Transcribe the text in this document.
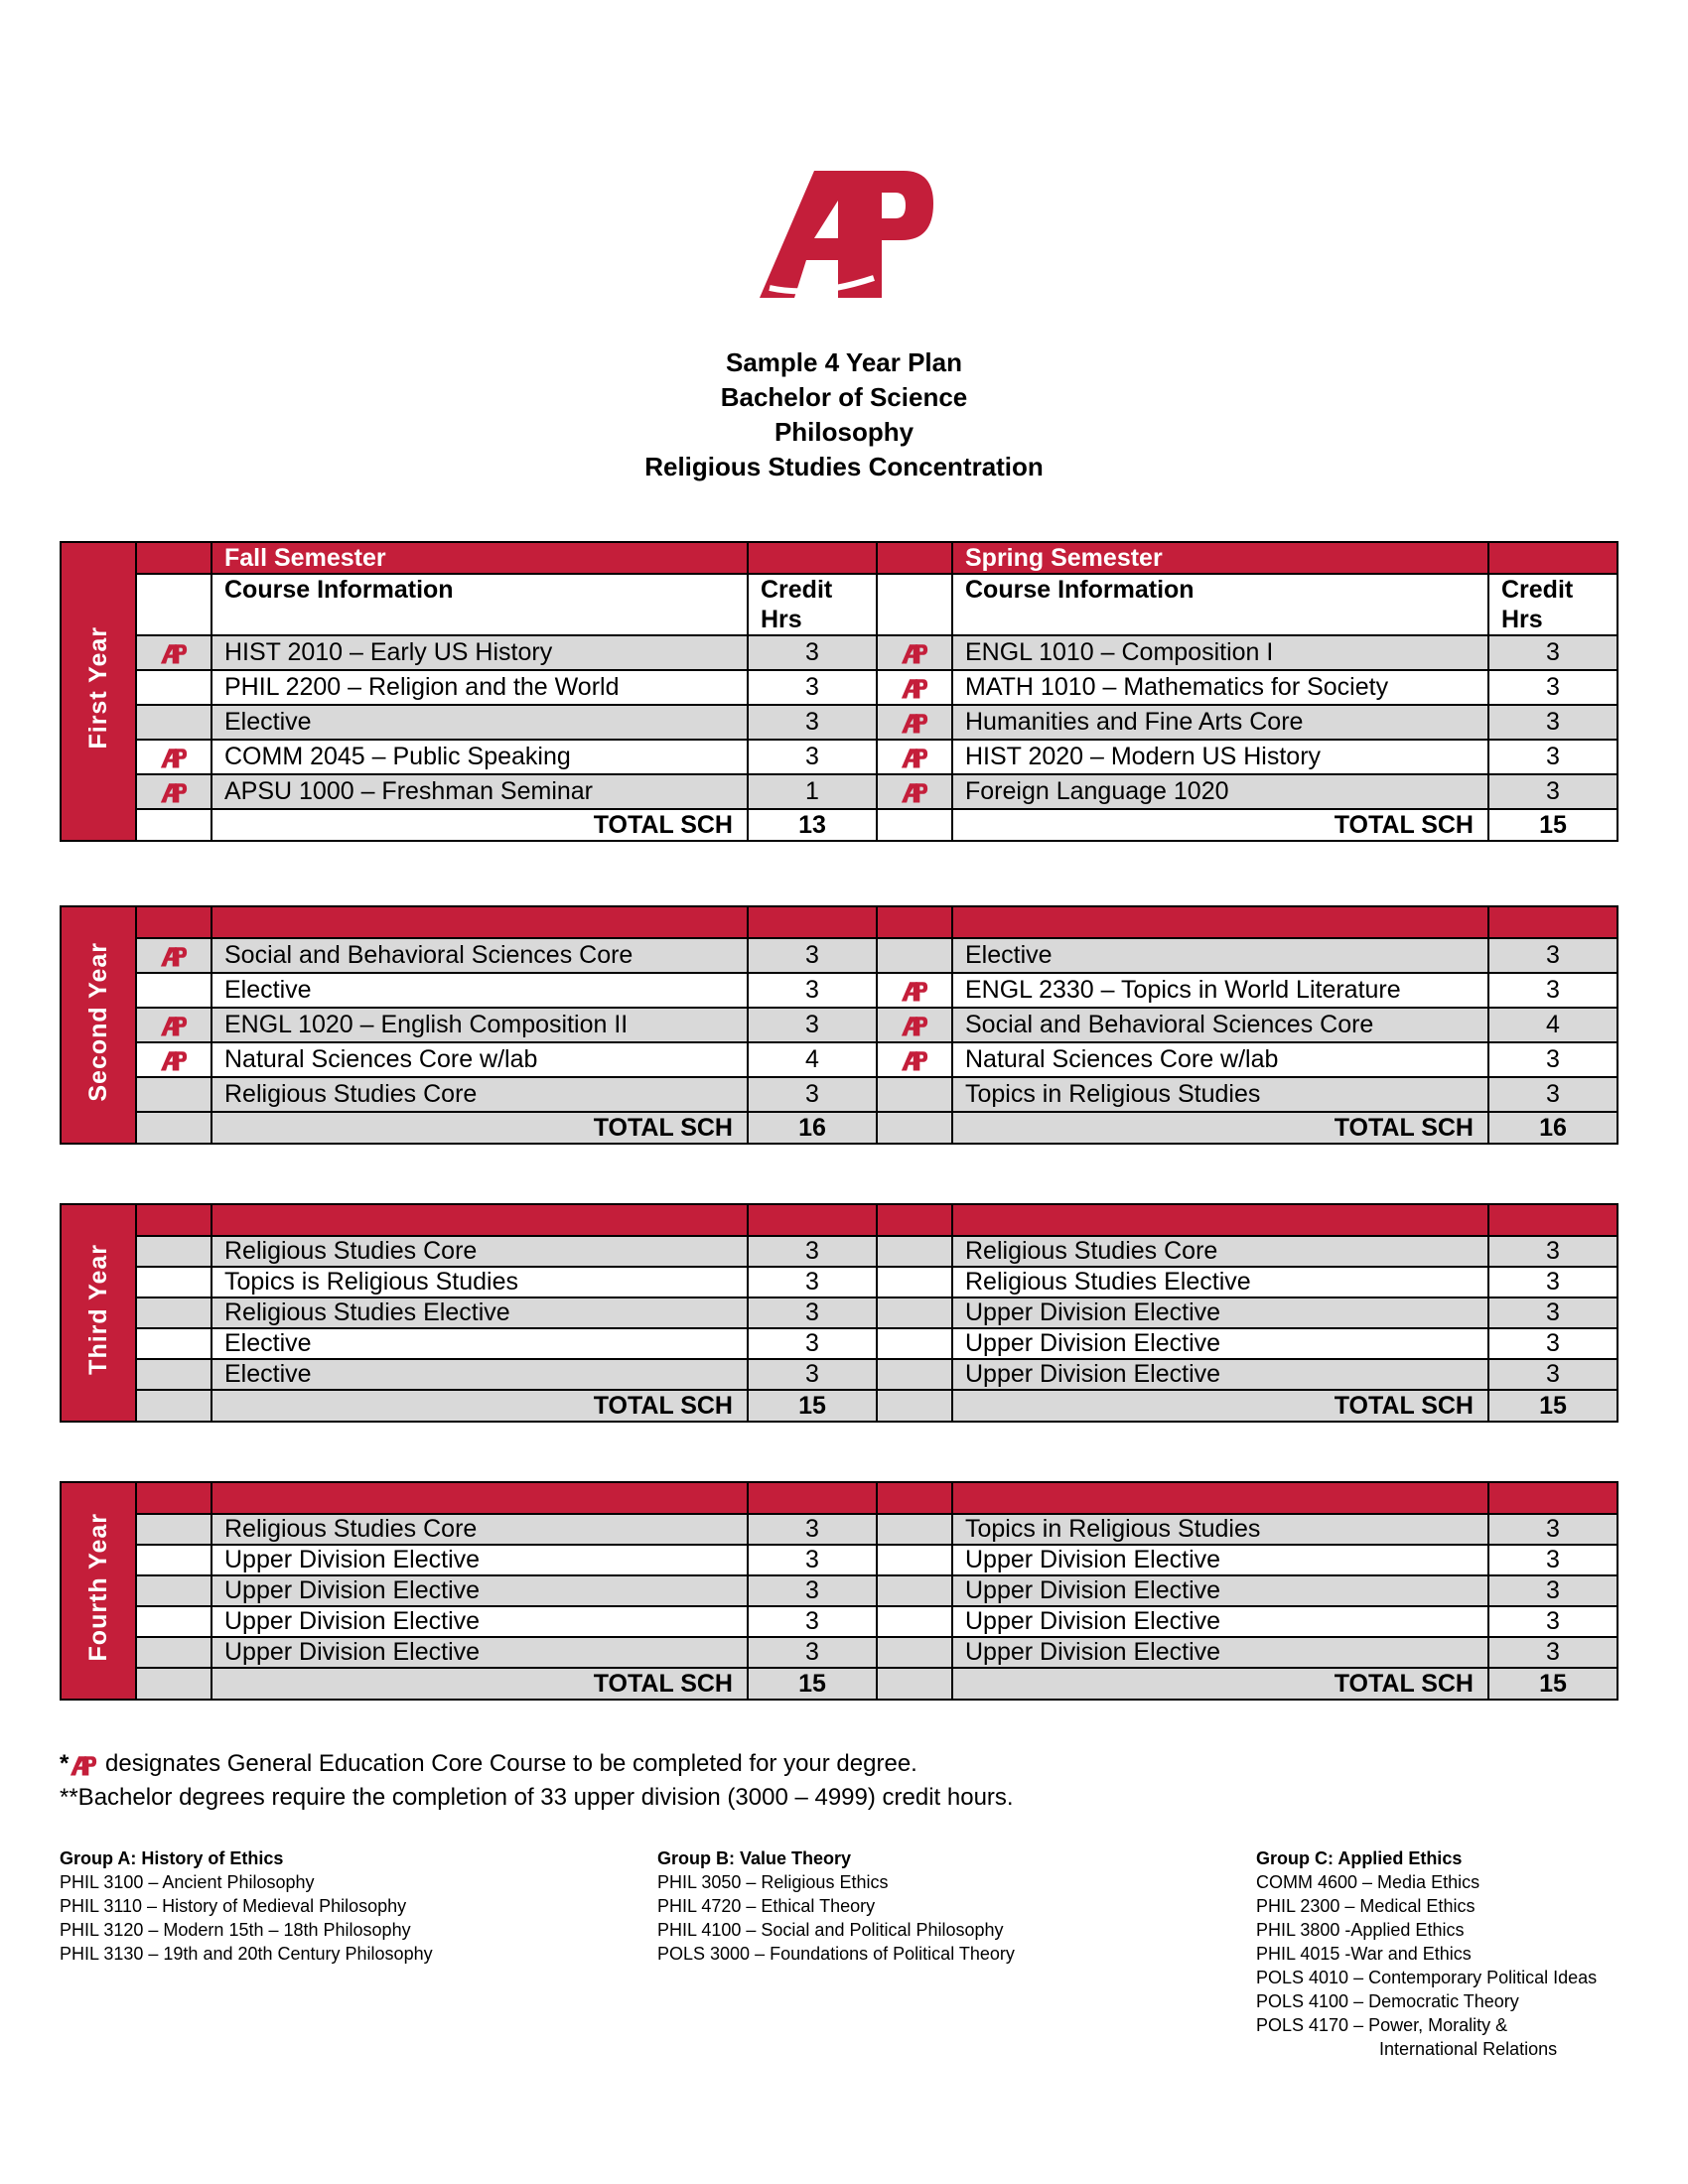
Sample 4 Year Plan
Bachelor of Science
Philosophy
Religious Studies Concentration
First Year		Fall Semester			Spring Semester	
		Course Information	Credit Hrs		Course Information	Credit Hrs
	HIST 2010 – Early US History	3		ENGL 1010 – Composition I	3
		PHIL 2200 – Religion and the World	3		MATH 1010 – Mathematics for Society	3
		Elective	3		Humanities and Fine Arts Core	3
	COMM 2045 – Public Speaking	3		HIST 2020 – Modern US History	3
	APSU 1000 – Freshman Seminar	1		Foreign Language 1020	3
		TOTAL SCH	13		TOTAL SCH	15
Second Year						
	Social and Behavioral Sciences Core	3		Elective	3
		Elective	3		ENGL 2330 – Topics in World Literature	3
	ENGL 1020 – English Composition II	3		Social and Behavioral Sciences Core	4
	Natural Sciences Core w/lab	4		Natural Sciences Core w/lab	3
		Religious Studies Core	3		Topics in Religious Studies	3
		TOTAL SCH	16		TOTAL SCH	16
Third Year						
		Religious Studies Core	3		Religious Studies Core	3
		Topics is Religious Studies	3		Religious Studies Elective	3
		Religious Studies Elective	3		Upper Division Elective	3
		Elective	3		Upper Division Elective	3
		Elective	3		Upper Division Elective	3
		TOTAL SCH	15		TOTAL SCH	15
Fourth Year						
		Religious Studies Core	3		Topics in Religious Studies	3
		Upper Division Elective	3		Upper Division Elective	3
		Upper Division Elective	3		Upper Division Elective	3
		Upper Division Elective	3		Upper Division Elective	3
		Upper Division Elective	3		Upper Division Elective	3
		TOTAL SCH	15		TOTAL SCH	15
* designates General Education Core Course to be completed for your degree.
**Bachelor degrees require the completion of 33 upper division (3000 – 4999) credit hours.
Group A: History of Ethics
PHIL 3100 – Ancient Philosophy
PHIL 3110 – History of Medieval Philosophy
PHIL 3120 – Modern 15th – 18th Philosophy
PHIL 3130 – 19th and 20th Century Philosophy
Group B: Value Theory
PHIL 3050 – Religious Ethics
PHIL 4720 – Ethical Theory
PHIL 4100 – Social and Political Philosophy
POLS 3000 – Foundations of Political Theory
Group C: Applied Ethics
COMM 4600 – Media Ethics
PHIL 2300 – Medical Ethics
PHIL 3800 -Applied Ethics
PHIL 4015 -War and Ethics
POLS 4010 – Contemporary Political Ideas
POLS 4100 – Democratic Theory
POLS 4170 – Power, Morality &
International Relations
